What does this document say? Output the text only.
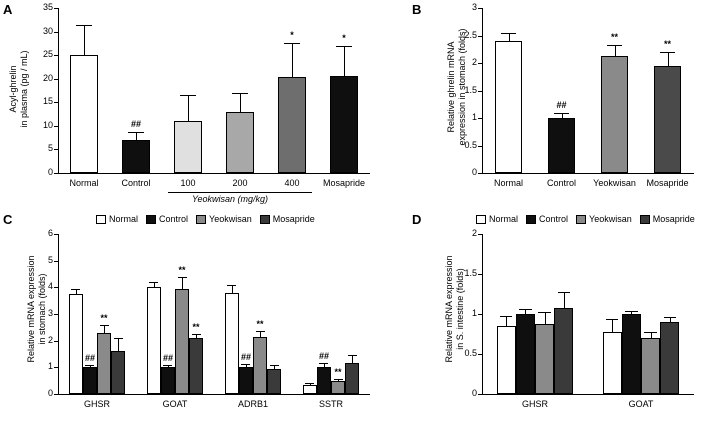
A
Acyl-ghrelin in plasma (pg / mL)
0
5
10
15
20
25
30
35
Normal
##
Control	100	200
*
400
*
Mosapride
Yeokwisan (mg/kg)
B
Relative ghrelin mRNA expression in stomach (folds)
0
0.5
1
1.5
2
2.5
3
Normal
##
Control
**
Yeokwisan
**
Mosapride
C	Normal Control Yeokwisan Mosapride
Relative mRNA expression in stomach (folds)
0
1
2
3
4
5
6
##
**
GHSR
##
**
**
GOAT
##
**
ADRB1
##
**
SSTR
D	Normal Control Yeokwisan Mosapride
Relative mRNA expression in S. intestine (folds)
0
0.5
1
1.5
2
GHSR	GOAT
